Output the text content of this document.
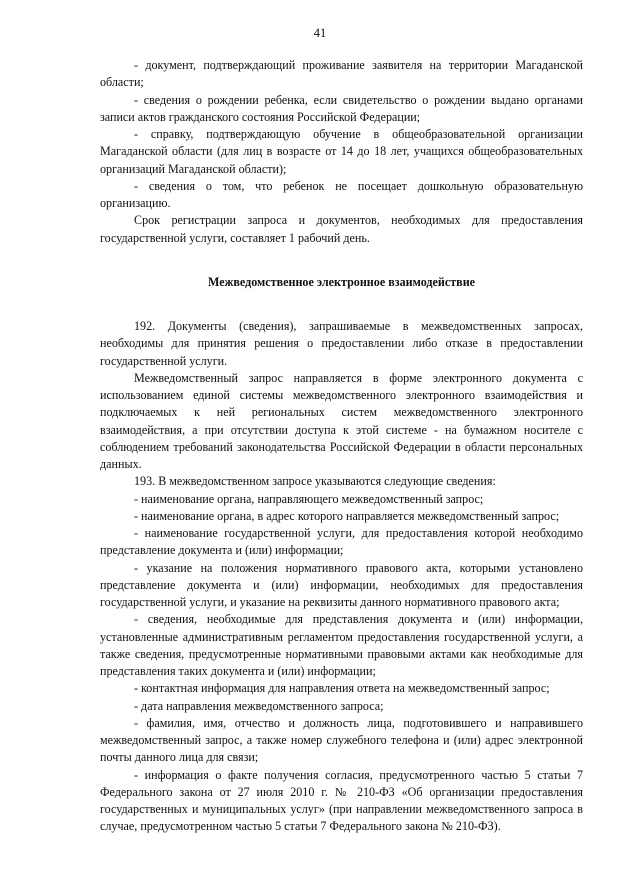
41

- документ, подтверждающий проживание заявителя на территории Магаданской области;

- сведения о рождении ребенка, если свидетельство о рождении выдано органами записи актов гражданского состояния Российской Федерации;

- справку, подтверждающую обучение в общеобразовательной организации Магаданской области (для лиц в возрасте от 14 до 18 лет, учащихся общеобразовательных организаций Магаданской области);

- сведения о том, что ребенок не посещает дошкольную образовательную организацию.

Срок регистрации запроса и документов, необходимых для предоставления государственной услуги, составляет 1 рабочий день.

Межведомственное электронное взаимодействие

192. Документы (сведения), запрашиваемые в межведомственных запросах, необходимы для принятия решения о предоставлении либо отказе в предоставлении государственной услуги.

Межведомственный запрос направляется в форме электронного документа с использованием единой системы межведомственного электронного взаимодействия и подключаемых к ней региональных систем межведомственного электронного взаимодействия, а при отсутствии доступа к этой системе - на бумажном носителе с соблюдением требований законодательства Российской Федерации в области персональных данных.

193. В межведомственном запросе указываются следующие сведения:

- наименование органа, направляющего межведомственный запрос;

- наименование органа, в адрес которого направляется межведомственный запрос;

- наименование государственной услуги, для предоставления которой необходимо представление документа и (или) информации;

- указание на положения нормативного правового акта, которыми установлено представление документа и (или) информации, необходимых для предоставления государственной услуги, и указание на реквизиты данного нормативного правового акта;

- сведения, необходимые для представления документа и (или) информации, установленные административным регламентом предоставления государственной услуги, а также сведения, предусмотренные нормативными правовыми актами как необходимые для представления таких документа и (или) информации;

- контактная информация для направления ответа на межведомственный запрос;

- дата направления межведомственного запроса;

- фамилия, имя, отчество и должность лица, подготовившего и направившего межведомственный запрос, а также номер служебного телефона и (или) адрес электронной почты данного лица для связи;

- информация о факте получения согласия, предусмотренного частью 5 статьи 7 Федерального закона от 27 июля 2010 г. № 210-ФЗ «Об организации предоставления государственных и муниципальных услуг» (при направлении межведомственного запроса в случае, предусмотренном частью 5 статьи 7 Федерального закона № 210-ФЗ).
